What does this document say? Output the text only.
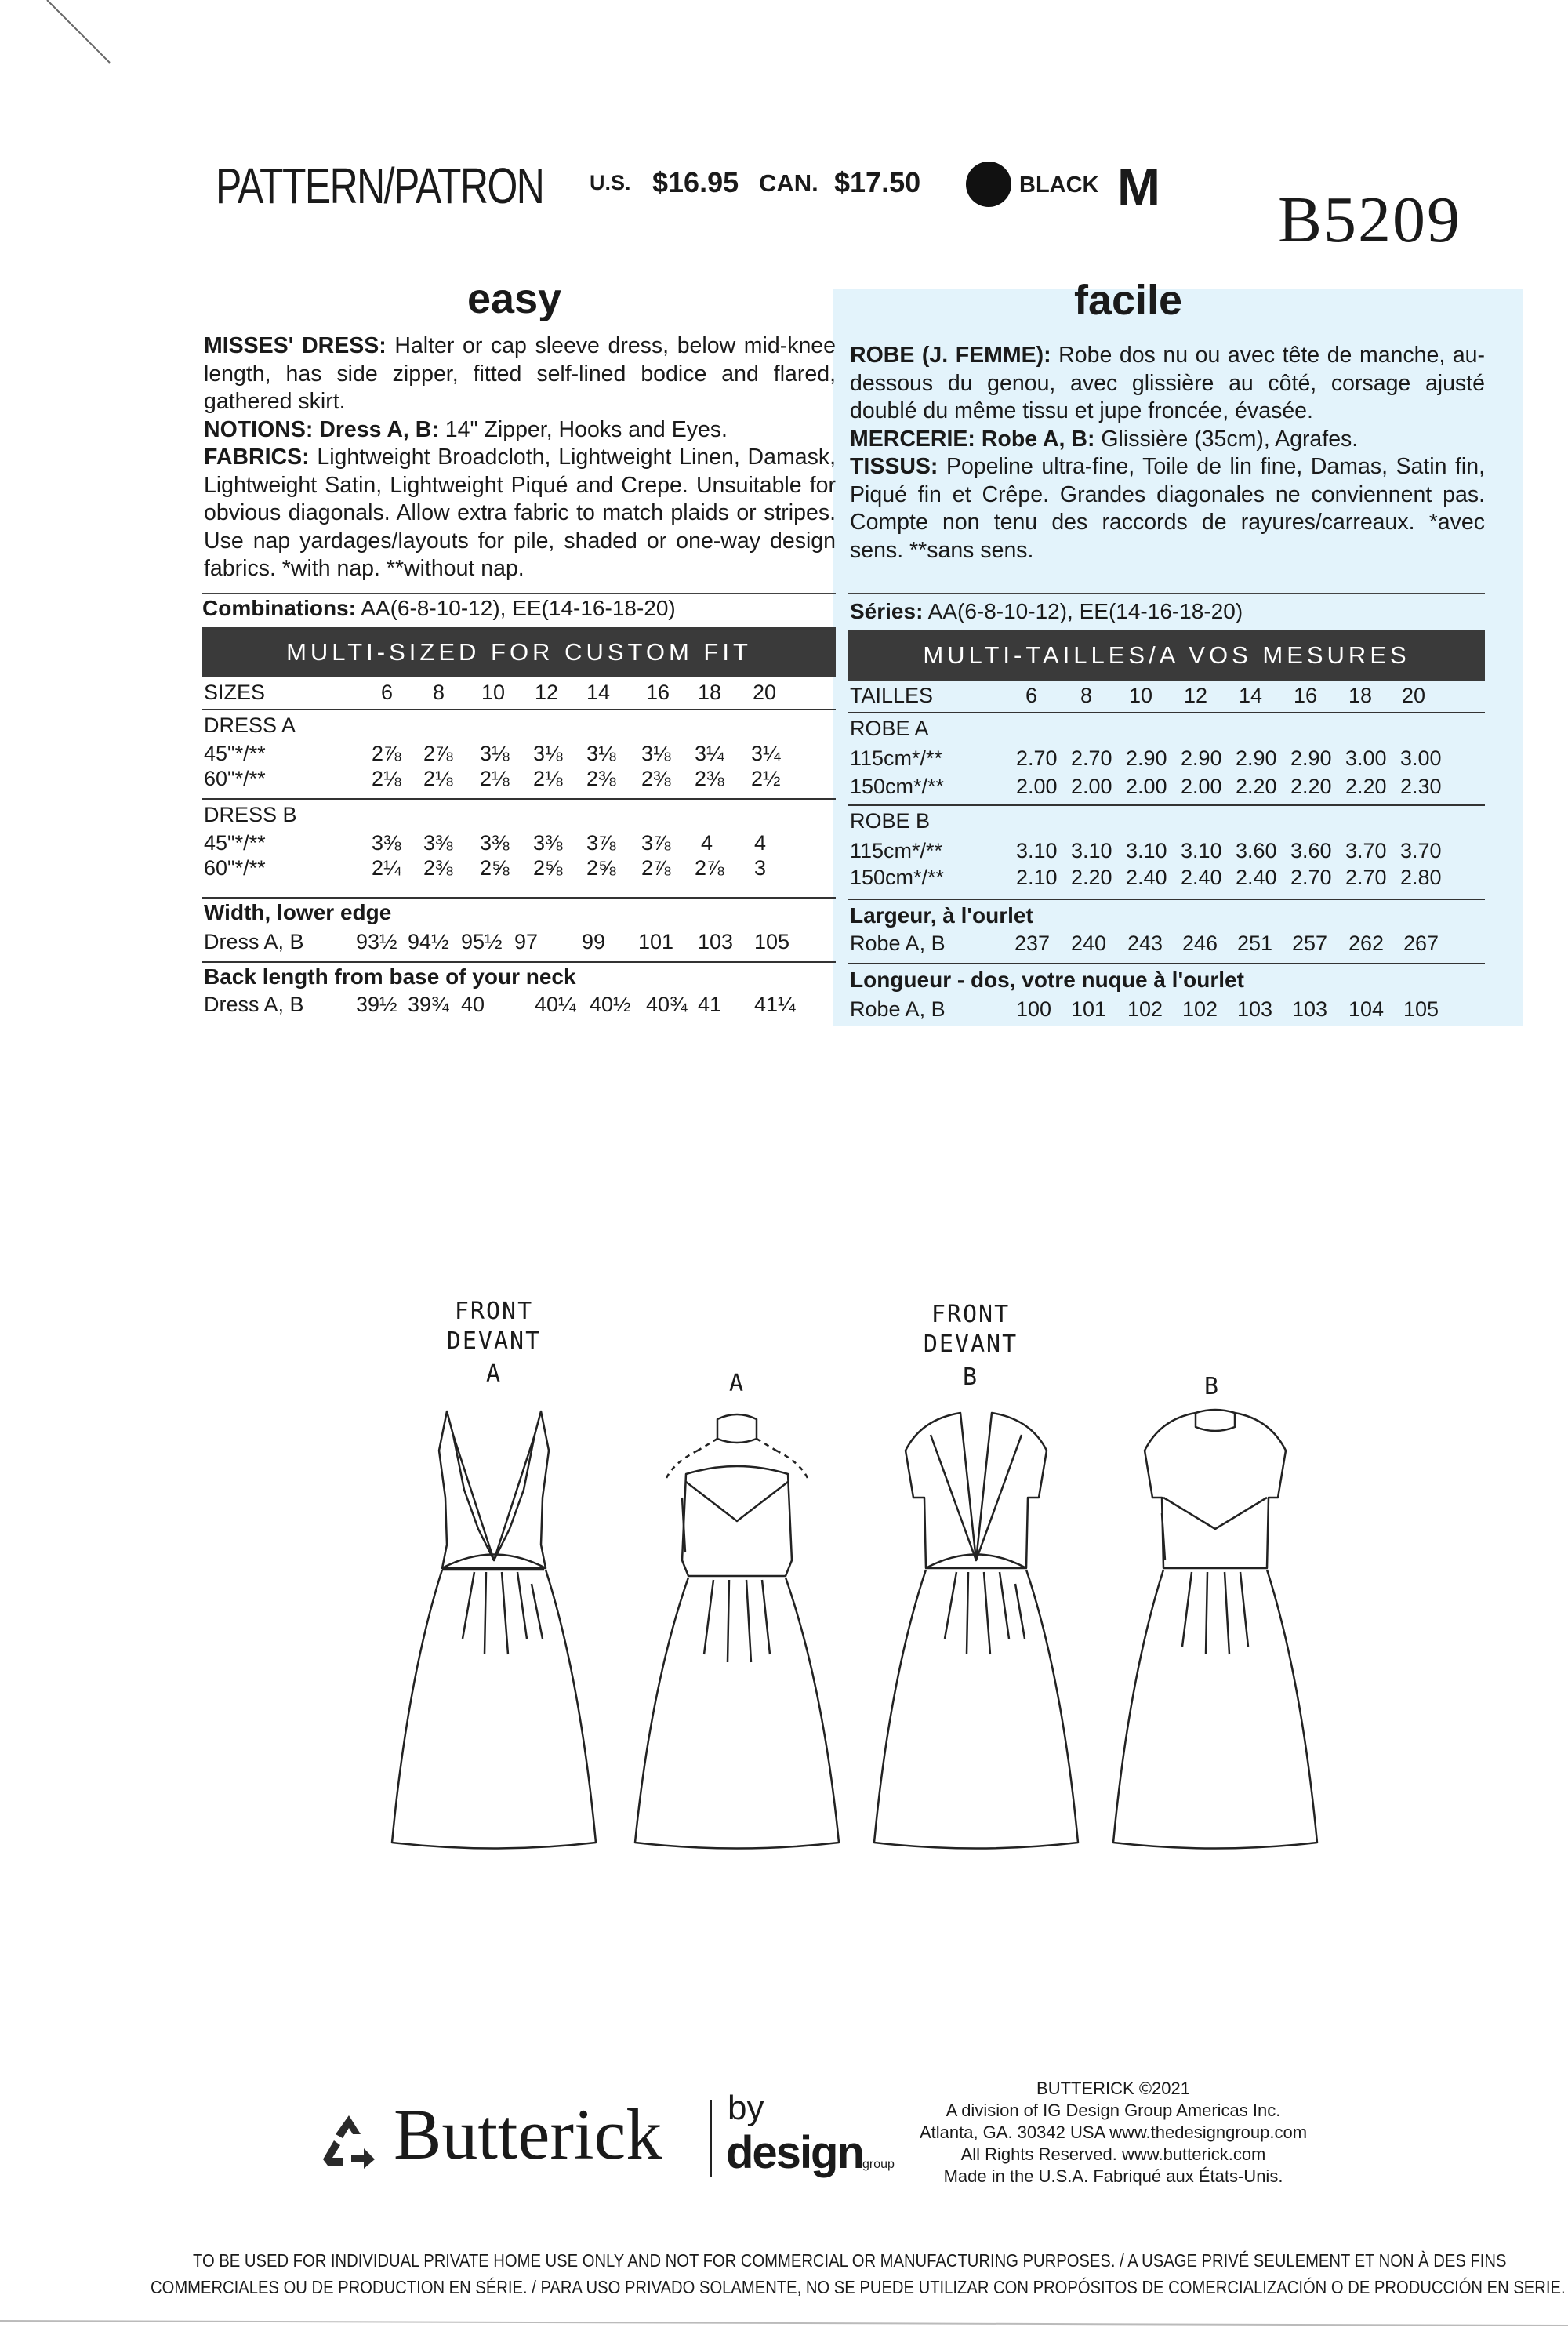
PATTERN/PATRON U.S. $16.95 CAN. $17.50	BLACK M B5209
easy	facile

MISSES' DRESS: Halter or cap sleeve dress, below mid-knee length, has side zipper, fitted self-lined bodice and flared, gathered skirt.

NOTIONS: Dress A, B: 14" Zipper, Hooks and Eyes.

FABRICS: Lightweight Broadcloth, Lightweight Linen, Damask, Lightweight Satin, Lightweight Piqué and Crepe. Unsuitable for obvious diagonals. Allow extra fabric to match plaids or stripes. Use nap yardages/layouts for pile, shaded or one-way design fabrics. *with nap. **without nap.

ROBE (J. FEMME): Robe dos nu ou avec tête de manche, au-dessous du genou, avec glissière au côté, corsage ajusté doublé du même tissu et jupe froncée, évasée.

MERCERIE: Robe A, B: Glissière (35cm), Agrafes.

TISSUS: Popeline ultra-fine, Toile de lin fine, Damas, Satin fin, Piqué fin et Crêpe. Grandes diagonales ne conviennent pas. Compte non tenu des raccords de rayures/carreaux. *avec sens. **sans sens.

Combinations: AA(6-8-10-12), EE(14-16-18-20)	Séries: AA(6-8-10-12), EE(14-16-18-20)
MULTI-SIZED FOR CUSTOM FIT	MULTI-TAILLES/A VOS MESURES
SIZES	6 8 10 12 14 16 18 20
DRESS A
45"*/**	2⅞ 2⅞ 3⅛ 3⅛ 3⅛ 3⅛ 3¼ 3¼
60"*/**	2⅛ 2⅛ 2⅛ 2⅛ 2⅜ 2⅜ 2⅜ 2½
DRESS B
45"*/**	3⅜ 3⅜ 3⅜ 3⅜ 3⅞ 3⅞ 4 4
60"*/**	2¼ 2⅜ 2⅝ 2⅝ 2⅝ 2⅞ 2⅞ 3
Width, lower edge
Dress A, B 93½ 94½ 95½ 97 99 101 103 105
Back length from base of your neck
Dress A, B 39½ 39¾ 40 40¼ 40½ 40¾ 41 41¼
TAILLES	6 8 10 12 14 16 18 20
ROBE A
115cm*/**	2.70 2.70 2.90 2.90 2.90 2.90 3.00 3.00
150cm*/**	2.00 2.00 2.00 2.00 2.20 2.20 2.20 2.30
ROBE B
115cm*/**	3.10 3.10 3.10 3.10 3.60 3.60 3.70 3.70
150cm*/**	2.10 2.20 2.40 2.40 2.40 2.70 2.70 2.80
Largeur, à l'ourlet
Robe A, B	237 240 243 246 251 257 262 267
Longueur - dos, votre nuque à l'ourlet
Robe A, B	100 101 102 102 103 103 104 105
FRONT
DEVANT
A	A
FRONT
DEVANT
B	B
Butterick by
design group
BUTTERICK ©2021
A division of IG Design Group Americas Inc.
Atlanta, GA. 30342 USA www.thedesigngroup.com
All Rights Reserved. www.butterick.com
Made in the U.S.A. Fabriqué aux États-Unis.
TO BE USED FOR INDIVIDUAL PRIVATE HOME USE ONLY AND NOT FOR COMMERCIAL OR MANUFACTURING PURPOSES. / A USAGE PRIVÉ SEULEMENT ET NON À DES FINS
COMMERCIALES OU DE PRODUCTION EN SÉRIE. / PARA USO PRIVADO SOLAMENTE, NO SE PUEDE UTILIZAR CON PROPÓSITOS DE COMERCIALIZACIÓN O DE PRODUCCIÓN EN SERIE.
